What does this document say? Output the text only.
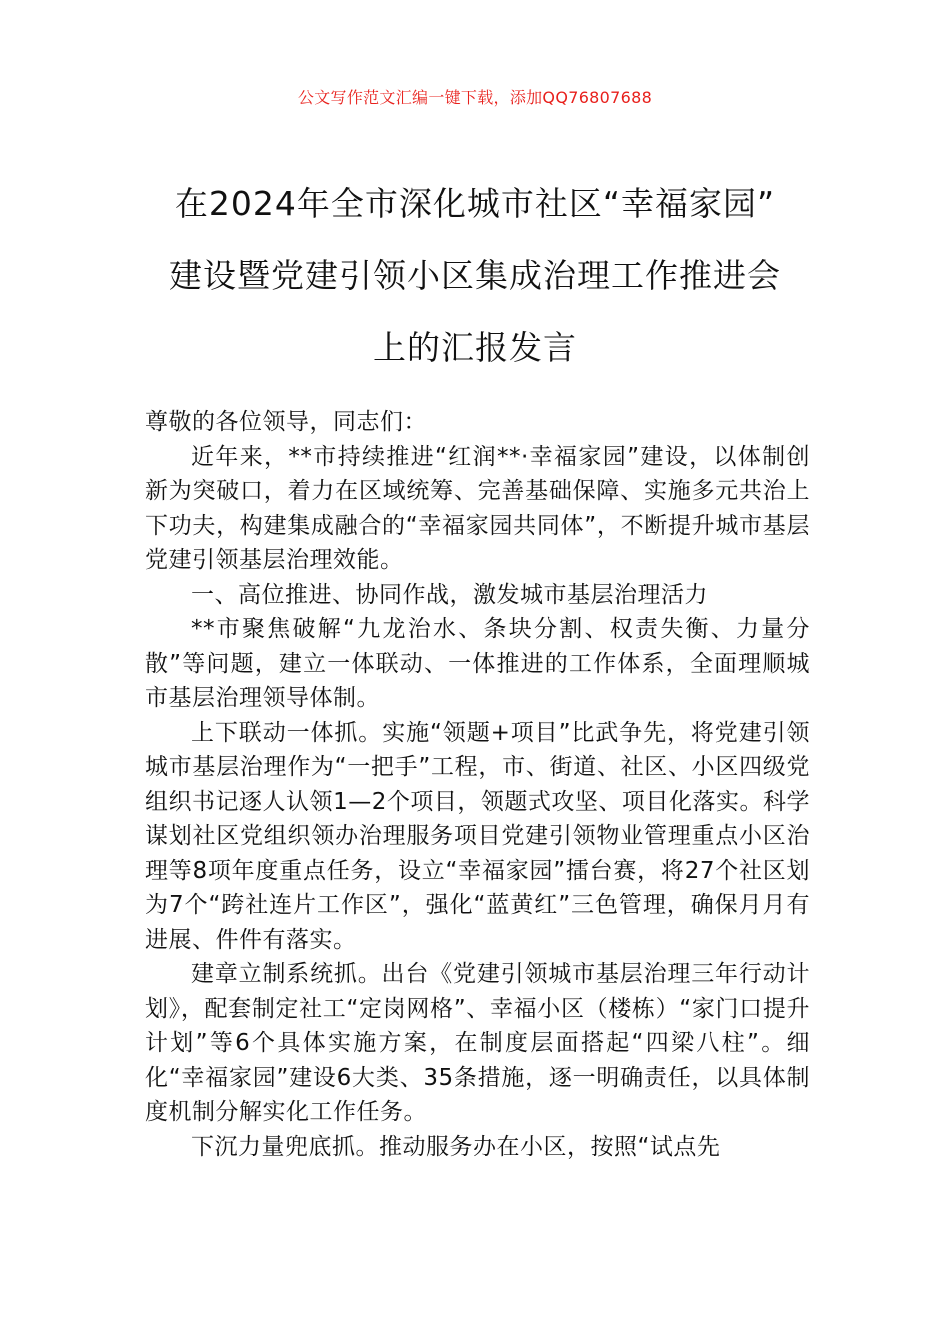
公文写作范文汇编一键下载，添加QQ76807688
在2024年全市深化城市社区“幸福家园”
建设暨党建引领小区集成治理工作推进会
上的汇报发言

尊敬的各位领导，同志们：

近年来，**市持续推进“红润**·幸福家园”建设，以体制创新为突破口，着力在区域统筹、完善基础保障、实施多元共治上下功夫，构建集成融合的“幸福家园共同体”，不断提升城市基层党建引领基层治理效能。

一、高位推进、协同作战，激发城市基层治理活力

**市聚焦破解“九龙治水、条块分割、权责失衡、力量分散”等问题，建立一体联动、一体推进的工作体系，全面理顺城市基层治理领导体制。

上下联动一体抓。实施“领题+项目”比武争先，将党建引领城市基层治理作为“一把手”工程，市、街道、社区、小区四级党组织书记逐人认领1—2个项目，领题式攻坚、项目化落实。科学谋划社区党组织领办治理服务项目党建引领物业管理重点小区治理等8项年度重点任务，设立“幸福家园”擂台赛，将27个社区划为7个“跨社连片工作区”，强化“蓝黄红”三色管理，确保月月有进展、件件有落实。

建章立制系统抓。出台《党建引领城市基层治理三年行动计划》，配套制定社工“定岗网格”、幸福小区（楼栋）“家门口提升计划”等6个具体实施方案，在制度层面搭起“四梁八柱”。细化“幸福家园”建设6大类、35条措施，逐一明确责任，以具体制度机制分解实化工作任务。

下沉力量兜底抓。推动服务办在小区，按照“试点先
